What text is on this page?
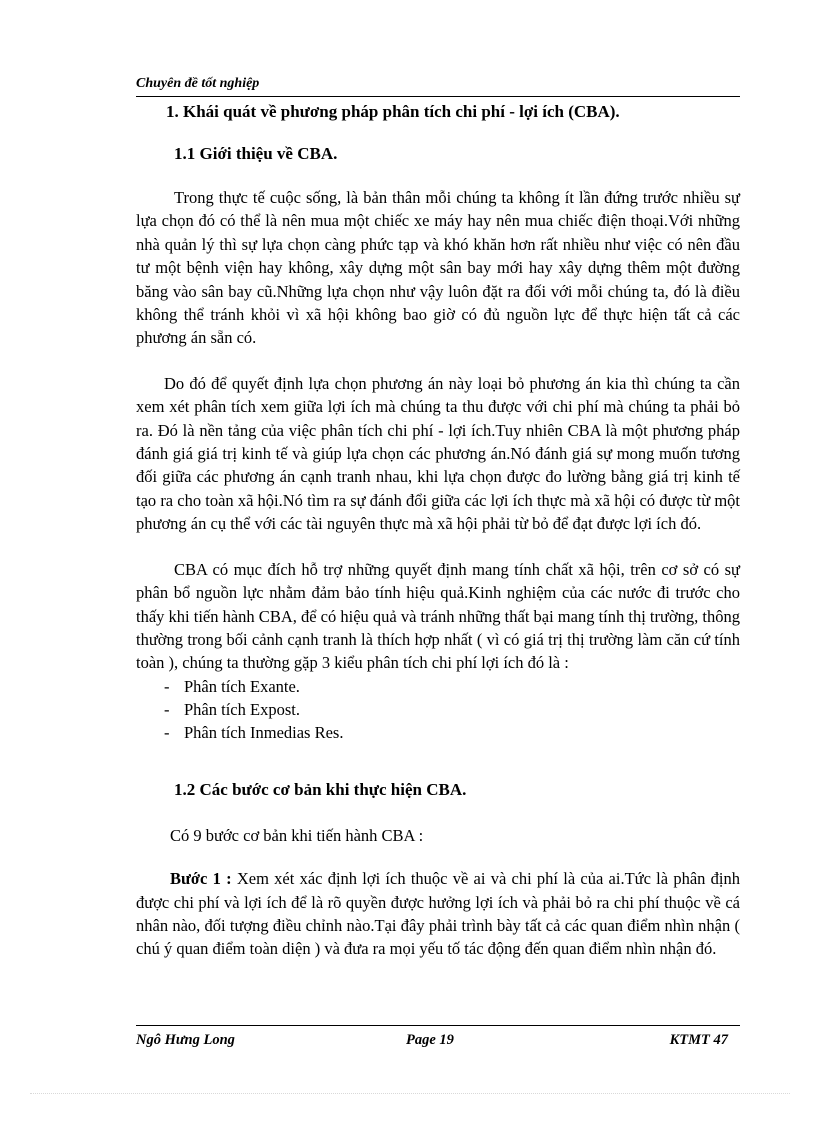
Chuyên đề tốt nghiệp
1. Khái quát về phương pháp phân tích chi phí - lợi ích (CBA).
1.1 Giới thiệu về CBA.

Trong thực tế cuộc sống, là bản thân mỗi chúng ta không ít lần đứng trước nhiều sự lựa chọn đó có thể là nên mua một chiếc xe máy hay nên mua chiếc điện thoại.Với những nhà quản lý thì sự lựa chọn càng phức tạp và khó khăn hơn rất nhiều như việc có nên đầu tư một bệnh viện hay không, xây dựng một sân bay mới hay xây dựng thêm một đường băng vào sân bay cũ.Những lựa chọn như vậy luôn đặt ra đối với mỗi chúng ta, đó là điều không thể tránh khỏi vì xã hội không bao giờ có đủ nguồn lực để thực hiện tất cả các phương án sẵn có.

Do đó để quyết định lựa chọn phương án này loại bỏ phương án kia thì chúng ta cần xem xét phân tích xem giữa lợi ích mà chúng ta thu được với chi phí mà chúng ta phải bỏ ra. Đó là nền tảng của việc phân tích chi phí - lợi ích.Tuy nhiên CBA là một phương pháp đánh giá giá trị kinh tế và giúp lựa chọn các phương án.Nó đánh giá sự mong muốn tương đối giữa các phương án cạnh tranh nhau, khi lựa chọn được đo lường bằng giá trị kinh tế tạo ra cho toàn xã hội.Nó tìm ra sự đánh đổi giữa các lợi ích thực mà xã hội có được từ một phương án cụ thể với các tài nguyên thực mà xã hội phải từ bỏ để đạt được lợi ích đó.

CBA có mục đích hỗ trợ những quyết định mang tính chất xã hội, trên cơ sở có sự phân bổ nguồn lực nhằm đảm bảo tính hiệu quả.Kinh nghiệm của các nước đi trước cho thấy khi tiến hành CBA, để có hiệu quả và tránh những thất bại mang tính thị trường, thông thường trong bối cảnh cạnh tranh là thích hợp nhất ( vì có giá trị thị trường làm căn cứ tính toàn ), chúng ta thường gặp 3 kiểu phân tích chi phí lợi ích đó là :

- Phân tích Exante.
- Phân tích Expost.
- Phân tích Inmedias Res.
1.2 Các bước cơ bản khi thực hiện CBA.

Có 9 bước cơ bản khi tiến hành CBA :

Bước 1 : Xem xét xác định lợi ích thuộc về ai và chi phí là của ai.Tức là phân định được chi phí và lợi ích để là rõ quyền được hưởng lợi ích và phải bỏ ra chi phí thuộc về cá nhân nào, đối tượng điều chỉnh nào.Tại đây phải trình bày tất cả các quan điểm nhìn nhận ( chú ý quan điểm toàn diện ) và đưa ra mọi yếu tố tác động đến quan điểm nhìn nhận đó.

Ngô Hưng Long	Page 19	KTMT 47
